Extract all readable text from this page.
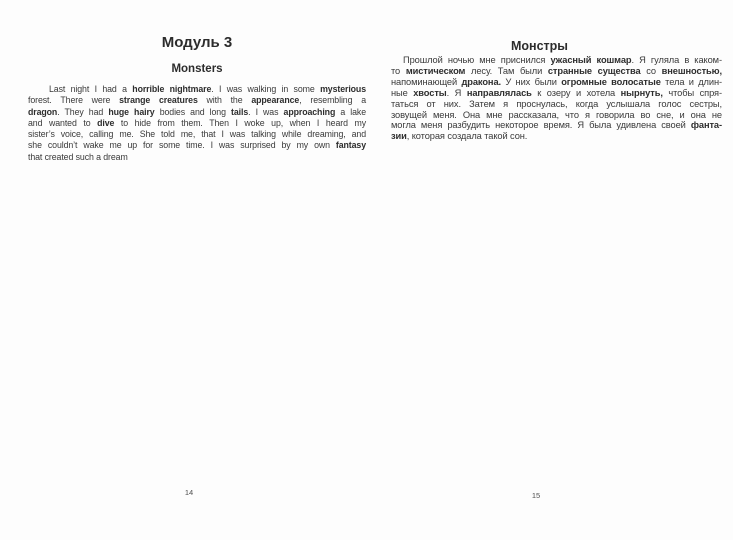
Модуль 3
Monsters
Last night I had a horrible nightmare. I was walking in some mysterious
forest. There were strange creatures with the appearance, resembling a
dragon. They had huge hairy bodies and long tails. I was approaching a lake
and wanted to dive to hide from them. Then I woke up, when I heard my
sister’s voice, calling me. She told me, that I was talking while dreaming, and
she couldn’t wake me up for some time. I was surprised by my own fantasy
that created such a dream
14
Монстры
Прошлой ночью мне приснился ужасный кошмар. Я гуляла в каком-
то мистическом лесу. Там были странные существа со внешностью,
напоминающей дракона. У них были огромные волосатые тела и длин-
ные хвосты. Я направлялась к озеру и хотела нырнуть, чтобы спря-
таться от них. Затем я проснулась, когда услышала голос сестры,
зовущей меня. Она мне рассказала, что я говорила во сне, и она не
могла меня разбудить некоторое время. Я была удивлена своей фанта-
зии, которая создала такой сон.
15
